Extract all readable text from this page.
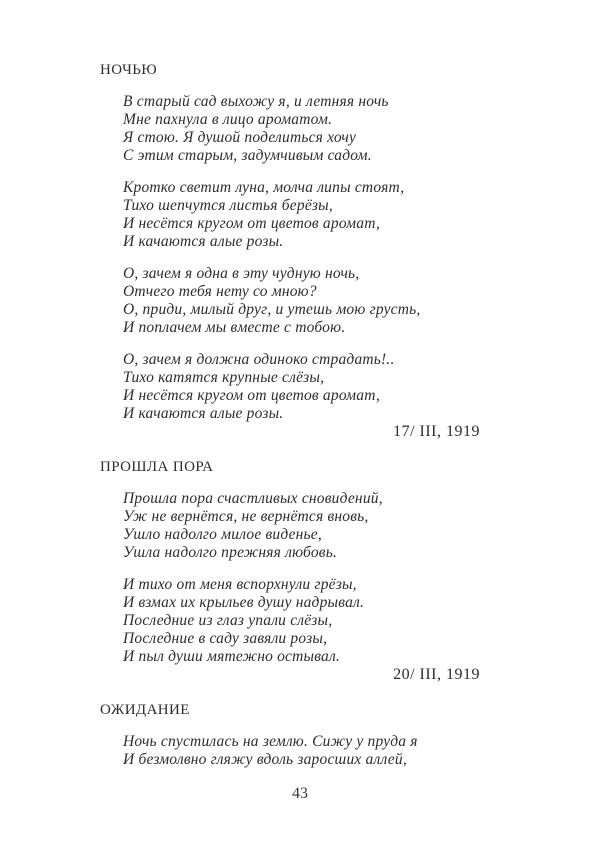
НОЧЬЮ
В старый сад выхожу я, и летняя ночь
Мне пахнула в лицо ароматом.
Я стою. Я душой поделиться хочу
С этим старым, задумчивым садом.
Кротко светит луна, молча липы стоят,
Тихо шепчутся листья берёзы,
И несётся кругом от цветов аромат,
И качаются алые розы.
О, зачем я одна в эту чудную ночь,
Отчего тебя нету со мною?
О, приди, милый друг, и утешь мою грусть,
И поплачем мы вместе с тобою.
О, зачем я должна одиноко страдать!..
Тихо катятся крупные слёзы,
И несётся кругом от цветов аромат,
И качаются алые розы.
17/ III, 1919
ПРОШЛА ПОРА
Прошла пора счастливых сновидений,
Уж не вернётся, не вернётся вновь,
Ушло надолго милое виденье,
Ушла надолго прежняя любовь.
И тихо от меня вспорхнули грёзы,
И взмах их крыльев душу надрывал.
Последние из глаз упали слёзы,
Последние в саду завяли розы,
И пыл души мятежно остывал.
20/ III, 1919
ОЖИДАНИЕ
Ночь спустилась на землю. Сижу у пруда я
И безмолвно гляжу вдоль заросших аллей,
43
